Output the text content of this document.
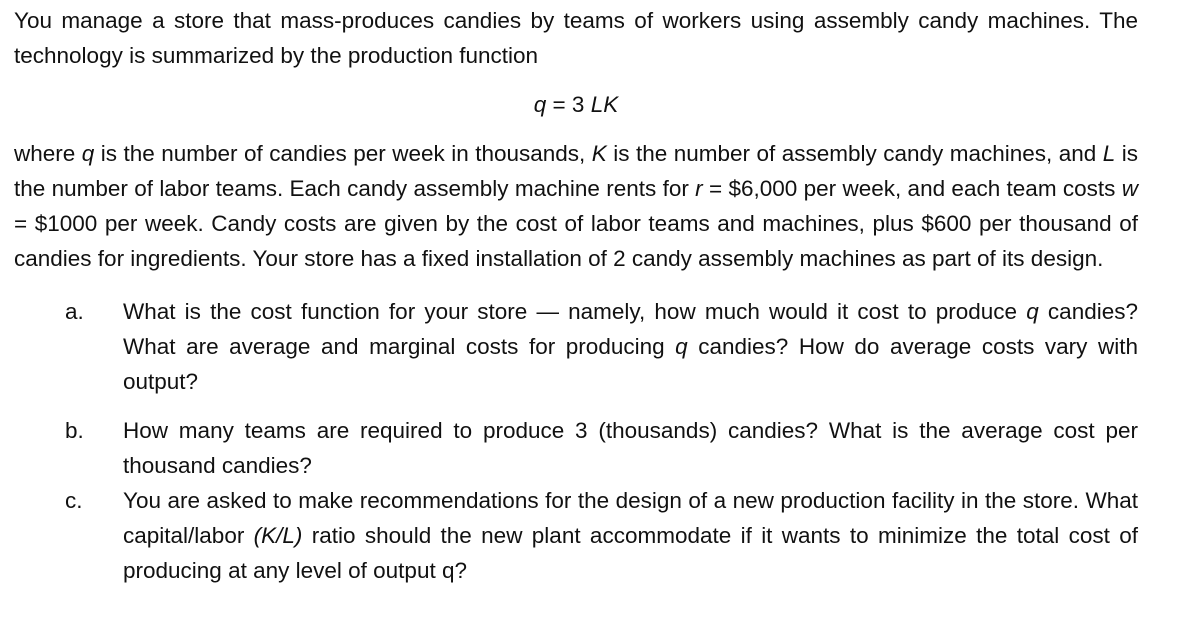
You manage a store that mass-produces candies by teams of workers using assembly candy machines. The technology is summarized by the production function

q = 3 LK

where q is the number of candies per week in thousands, K is the number of assembly candy machines, and L is the number of labor teams. Each candy assembly machine rents for r = $6,000 per week, and each team costs w = $1000 per week. Candy costs are given by the cost of labor teams and machines, plus $600 per thousand of candies for ingredients. Your store has a fixed installation of 2 candy assembly machines as part of its design.

a.	What is the cost function for your store — namely, how much would it cost to produce q candies? What are average and marginal costs for producing q candies? How do average costs vary with output?
b.	How many teams are required to produce 3 (thousands) candies? What is the average cost per thousand candies?
c.	You are asked to make recommendations for the design of a new production facility in the store. What capital/labor (K/L) ratio should the new plant accommodate if it wants to minimize the total cost of producing at any level of output q?
